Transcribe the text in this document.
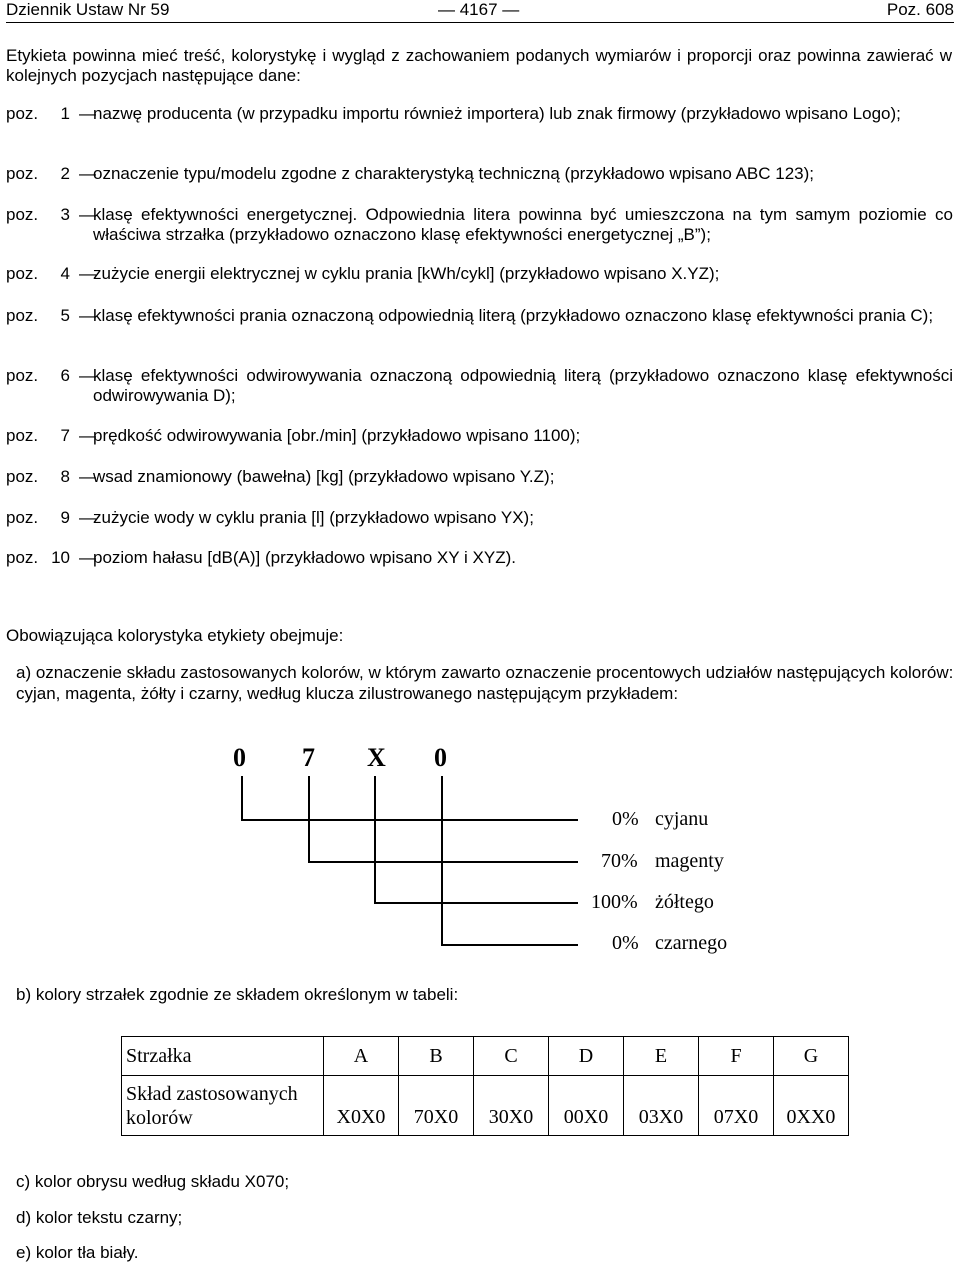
Dziennik Ustaw Nr 59	— 4167 —	Poz. 608
Etykieta powinna mieć treść, kolorystykę i wygląd z zachowaniem podanych wymiarów i proporcji oraz powinna zawierać w kolejnych pozycjach następujące dane:
poz.	1 —
nazwę producenta (w przypadku importu również importera) lub znak firmowy (przykładowo wpisano Logo);
poz.	2 —
oznaczenie typu/modelu zgodne z charakterystyką techniczną (przykładowo wpisano ABC 123);
poz.	3 —
klasę efektywności energetycznej. Odpowiednia litera powinna być umieszczona na tym samym poziomie co właściwa strzałka (przykładowo oznaczono klasę efektywności energetycznej „B”);
poz.	4 —
zużycie energii elektrycznej w cyklu prania [kWh/cykl] (przykładowo wpisano X.YZ);
poz.	5 —
klasę efektywności prania oznaczoną odpowiednią literą (przykładowo oznaczono klasę efektywności prania C);
poz.	6 —
klasę efektywności odwirowywania oznaczoną odpowiednią literą (przykładowo oznaczono klasę efektywności odwirowywania D);
poz.	7 —
prędkość odwirowywania [obr./min] (przykładowo wpisano 1100);
poz.	8 —
wsad znamionowy (bawełna) [kg] (przykładowo wpisano Y.Z);
poz.	9 —
zużycie wody w cyklu prania [l] (przykładowo wpisano YX);
poz. 10 —
poziom hałasu [dB(A)] (przykładowo wpisano XY i XYZ).
Obowiązująca kolorystyka etykiety obejmuje:
a) oznaczenie składu zastosowanych kolorów, w którym zawarto oznaczenie procentowych udziałów następujących kolorów: cyjan, magenta, żółty i czarny, według klucza zilustrowanego następującym przykładem:
0 7 X 0
0% cyjanu
70% magenty
100% żółtego
0% czarnego
b) kolory strzałek zgodnie ze składem określonym w tabeli:
Strzałka	A	B	C	D	E	F	G
Skład zastosowanych
kolorów	X0X0	70X0	30X0	00X0	03X0	07X0	0XX0
c) kolor obrysu według składu X070;
d) kolor tekstu czarny;
e) kolor tła biały.
